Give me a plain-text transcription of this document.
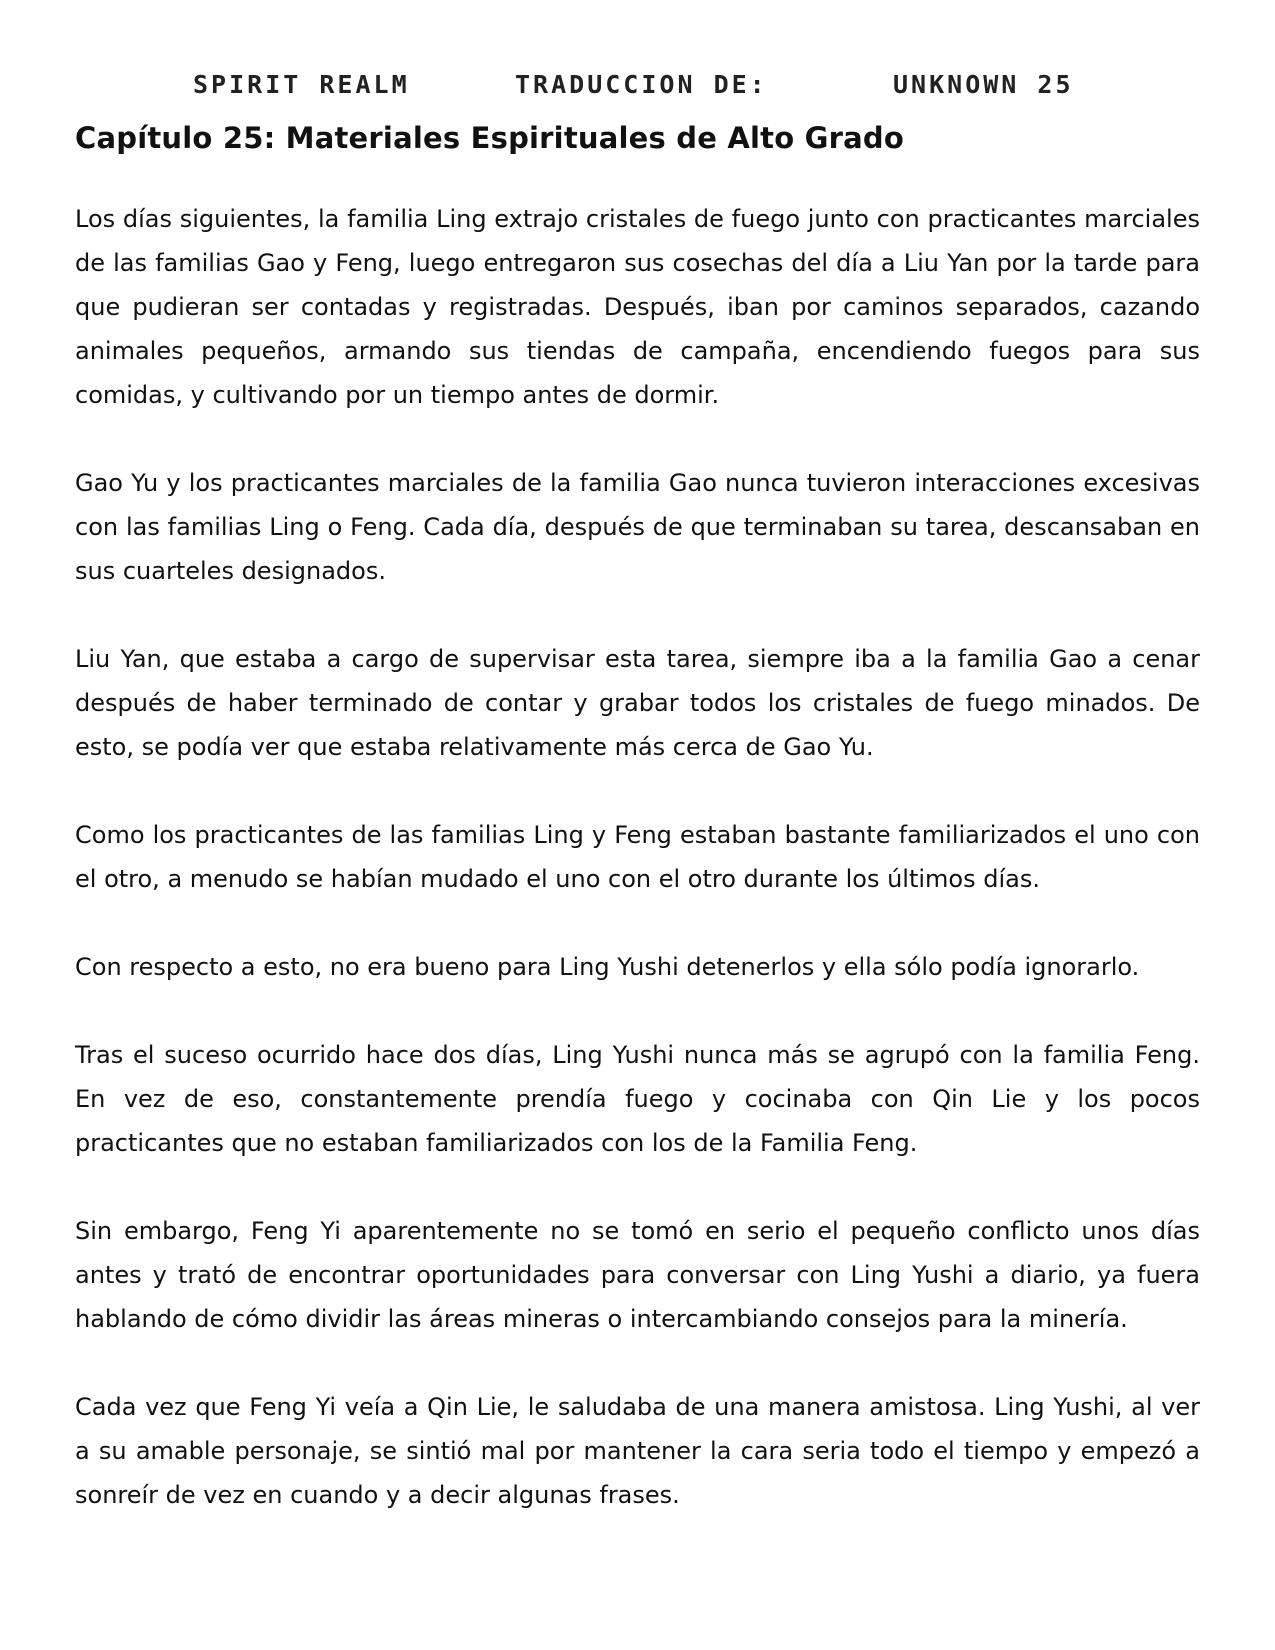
SPIRIT REALM	TRADUCCION DE:	UNKNOWN 25
Capítulo 25: Materiales Espirituales de Alto Grado

Los días siguientes, la familia Ling extrajo cristales de fuego junto con practicantes marciales de las familias Gao y Feng, luego entregaron sus cosechas del día a Liu Yan por la tarde para que pudieran ser contadas y registradas. Después, iban por caminos separados, cazando animales pequeños, armando sus tiendas de campaña, encendiendo fuegos para sus comidas, y cultivando por un tiempo antes de dormir.

Gao Yu y los practicantes marciales de la familia Gao nunca tuvieron interacciones excesivas con las familias Ling o Feng. Cada día, después de que terminaban su tarea, descansaban en sus cuarteles designados.

Liu Yan, que estaba a cargo de supervisar esta tarea, siempre iba a la familia Gao a cenar después de haber terminado de contar y grabar todos los cristales de fuego minados. De esto, se podía ver que estaba relativamente más cerca de Gao Yu.

Como los practicantes de las familias Ling y Feng estaban bastante familiarizados el uno con el otro, a menudo se habían mudado el uno con el otro durante los últimos días.

Con respecto a esto, no era bueno para Ling Yushi detenerlos y ella sólo podía ignorarlo.

Tras el suceso ocurrido hace dos días, Ling Yushi nunca más se agrupó con la familia Feng. En vez de eso, constantemente prendía fuego y cocinaba con Qin Lie y los pocos practicantes que no estaban familiarizados con los de la Familia Feng.

Sin embargo, Feng Yi aparentemente no se tomó en serio el pequeño conflicto unos días antes y trató de encontrar oportunidades para conversar con Ling Yushi a diario, ya fuera hablando de cómo dividir las áreas mineras o intercambiando consejos para la minería.

Cada vez que Feng Yi veía a Qin Lie, le saludaba de una manera amistosa. Ling Yushi, al ver a su amable personaje, se sintió mal por mantener la cara seria todo el tiempo y empezó a sonreír de vez en cuando y a decir algunas frases.
